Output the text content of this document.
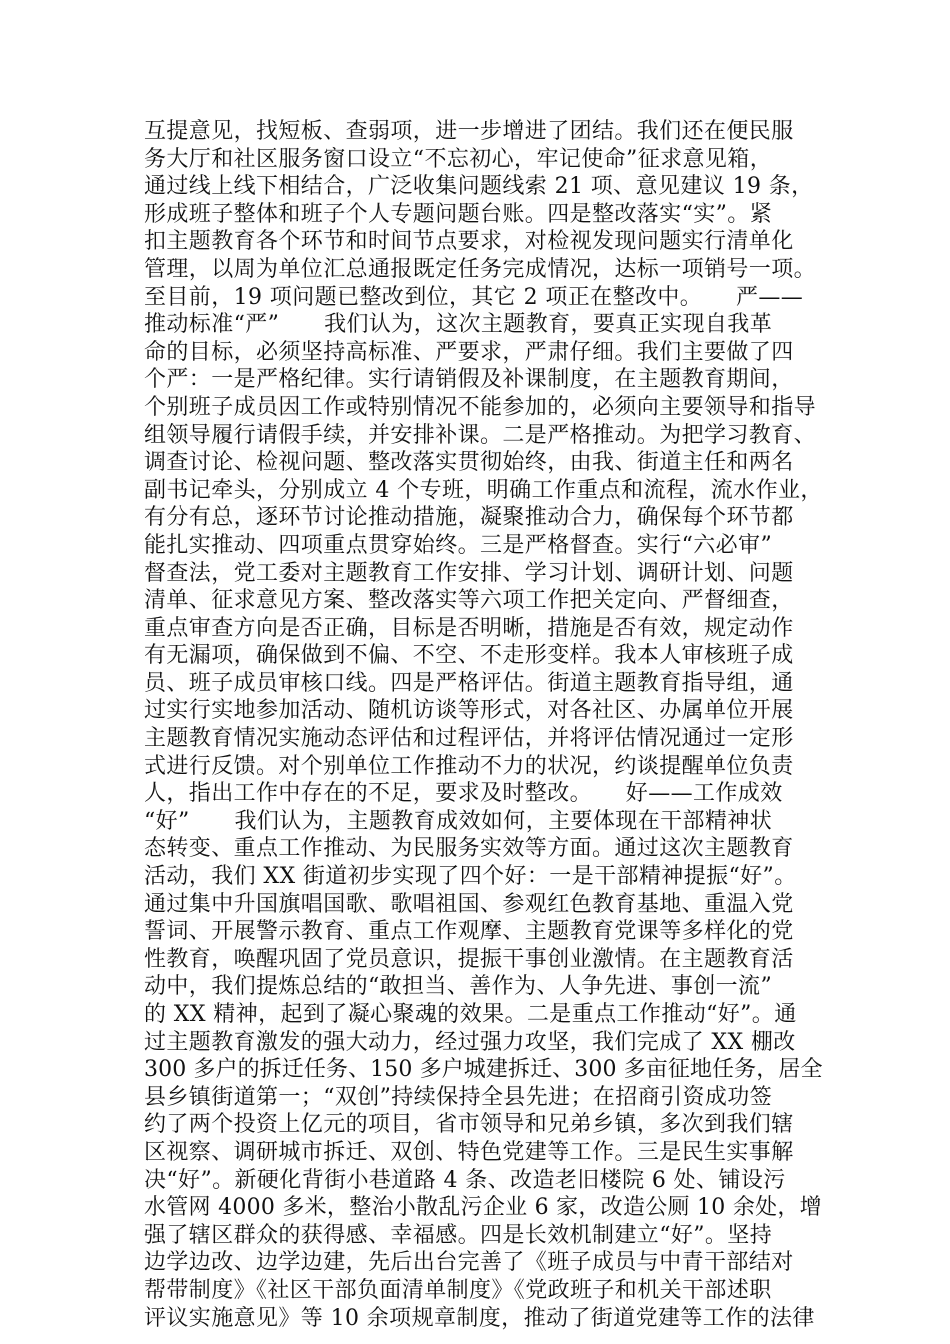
互提意见，找短板、查弱项，进一步增进了团结。我们还在便民服
务大厅和社区服务窗口设立“不忘初心，牢记使命”征求意见箱，
通过线上线下相结合，广泛收集问题线索 21 项、意见建议 19 条，
形成班子整体和班子个人专题问题台账。四是整改落实“实”。紧
扣主题教育各个环节和时间节点要求，对检视发现问题实行清单化
管理，以周为单位汇总通报既定任务完成情况，达标一项销号一项。
至目前，19 项问题已整改到位，其它 2 项正在整改中。　　严——
推动标准“严”　　我们认为，这次主题教育，要真正实现自我革
命的目标，必须坚持高标准、严要求，严肃仔细。我们主要做了四
个严：一是严格纪律。实行请销假及补课制度，在主题教育期间，
个别班子成员因工作或特别情况不能参加的，必须向主要领导和指导
组领导履行请假手续，并安排补课。二是严格推动。为把学习教育、
调查讨论、检视问题、整改落实贯彻始终，由我、街道主任和两名
副书记牵头，分别成立 4 个专班，明确工作重点和流程，流水作业，
有分有总，逐环节讨论推动措施，凝聚推动合力，确保每个环节都
能扎实推动、四项重点贯穿始终。三是严格督查。实行“六必审”
督查法，党工委对主题教育工作安排、学习计划、调研计划、问题
清单、征求意见方案、整改落实等六项工作把关定向、严督细查，
重点审查方向是否正确，目标是否明晰，措施是否有效，规定动作
有无漏项，确保做到不偏、不空、不走形变样。我本人审核班子成
员、班子成员审核口线。四是严格评估。街道主题教育指导组，通
过实行实地参加活动、随机访谈等形式，对各社区、办属单位开展
主题教育情况实施动态评估和过程评估，并将评估情况通过一定形
式进行反馈。对个别单位工作推动不力的状况，约谈提醒单位负责
人，指出工作中存在的不足，要求及时整改。　　好——工作成效
“好”　　我们认为，主题教育成效如何，主要体现在干部精神状
态转变、重点工作推动、为民服务实效等方面。通过这次主题教育
活动，我们 XX 街道初步实现了四个好：一是干部精神提振“好”。
通过集中升国旗唱国歌、歌唱祖国、参观红色教育基地、重温入党
誓词、开展警示教育、重点工作观摩、主题教育党课等多样化的党
性教育，唤醒巩固了党员意识，提振干事创业激情。在主题教育活
动中，我们提炼总结的“敢担当、善作为、人争先进、事创一流”
的 XX 精神，起到了凝心聚魂的效果。二是重点工作推动“好”。通
过主题教育激发的强大动力，经过强力攻坚，我们完成了 XX 棚改
300 多户的拆迁任务、150 多户城建拆迁、300 多亩征地任务，居全
县乡镇街道第一；“双创”持续保持全县先进；在招商引资成功签
约了两个投资上亿元的项目，省市领导和兄弟乡镇，多次到我们辖
区视察、调研城市拆迁、双创、特色党建等工作。三是民生实事解
决“好”。新硬化背街小巷道路 4 条、改造老旧楼院 6 处、铺设污
水管网 4000 多米，整治小散乱污企业 6 家，改造公厕 10 余处，增
强了辖区群众的获得感、幸福感。四是长效机制建立“好”。坚持
边学边改、边学边建，先后出台完善了《班子成员与中青干部结对
帮带制度》《社区干部负面清单制度》《党政班子和机关干部述职
评议实施意见》等 10 余项规章制度，推动了街道党建等工作的法律
